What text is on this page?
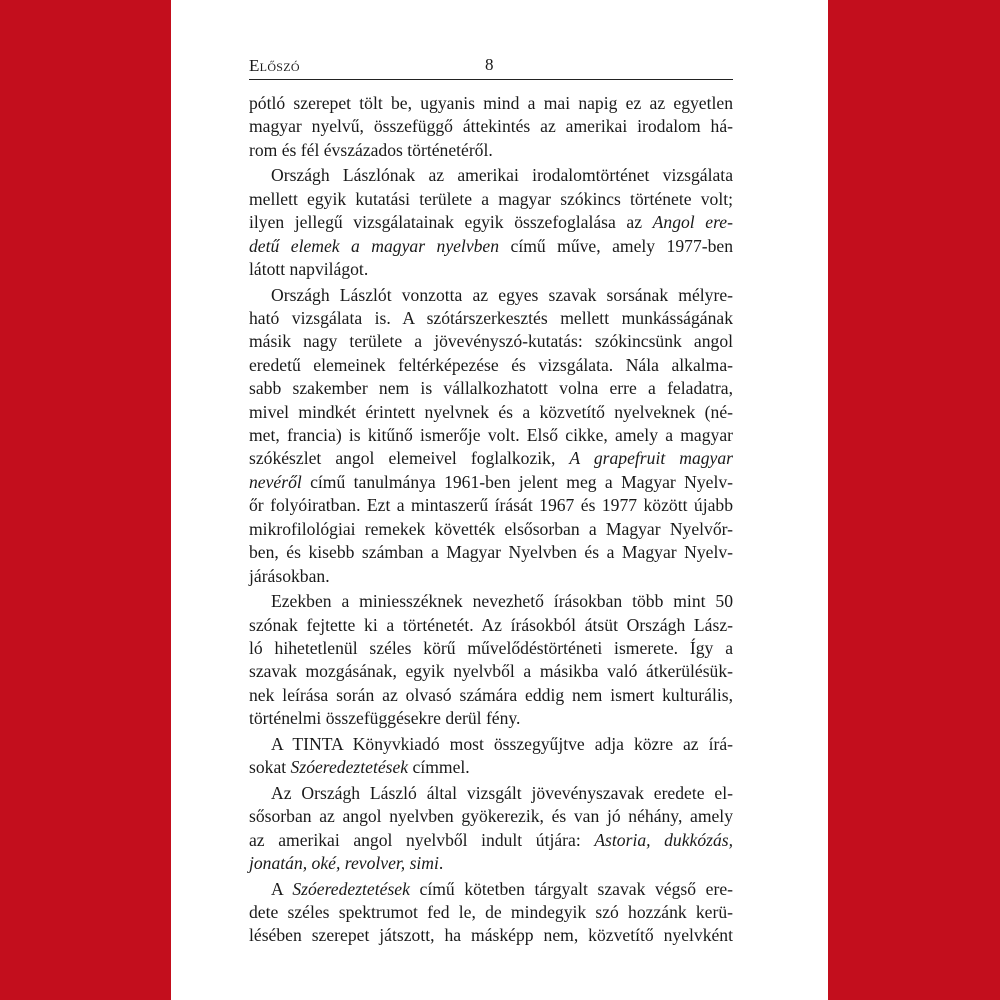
Előszó	8

pótló szerepet tölt be, ugyanis mind a mai napig ez az egyetlen

magyar nyelvű, összefüggő áttekintés az amerikai irodalom há-

rom és fél évszázados történetéről.

Országh Lászlónak az amerikai irodalomtörténet vizsgálata

mellett egyik kutatási területe a magyar szókincs története volt;

ilyen jellegű vizsgálatainak egyik összefoglalása az Angol ere-

detű elemek a magyar nyelvben című műve, amely 1977-ben

látott napvilágot.

Országh Lászlót vonzotta az egyes szavak sorsának mélyre-

ható vizsgálata is. A szótárszerkesztés mellett munkásságának

másik nagy területe a jövevényszó-kutatás: szókincsünk angol

eredetű elemeinek feltérképezése és vizsgálata. Nála alkalma-

sabb szakember nem is vállalkozhatott volna erre a feladatra,

mivel mindkét érintett nyelvnek és a közvetítő nyelveknek (né-

met, francia) is kitűnő ismerője volt. Első cikke, amely a magyar

szókészlet angol elemeivel foglalkozik, A grapefruit magyar

nevéről című tanulmánya 1961-ben jelent meg a Magyar Nyelv-

őr folyóiratban. Ezt a mintaszerű írását 1967 és 1977 között újabb

mikrofilológiai remekek követték elsősorban a Magyar Nyelvőr-

ben, és kisebb számban a Magyar Nyelvben és a Magyar Nyelv-

járásokban.

Ezekben a miniesszéknek nevezhető írásokban több mint 50

szónak fejtette ki a történetét. Az írásokból átsüt Országh Lász-

ló hihetetlenül széles körű művelődéstörténeti ismerete. Így a

szavak mozgásának, egyik nyelvből a másikba való átkerülésük-

nek leírása során az olvasó számára eddig nem ismert kulturális,

történelmi összefüggésekre derül fény.

A TINTA Könyvkiadó most összegyűjtve adja közre az írá-

sokat Szóeredeztetések címmel.

Az Országh László által vizsgált jövevényszavak eredete el-

sősorban az angol nyelvben gyökerezik, és van jó néhány, amely

az amerikai angol nyelvből indult útjára: Astoria, dukkózás,

jonatán, oké, revolver, simi.

A Szóeredeztetések című kötetben tárgyalt szavak végső ere-

dete széles spektrumot fed le, de mindegyik szó hozzánk kerü-

lésében szerepet játszott, ha másképp nem, közvetítő nyelvként
